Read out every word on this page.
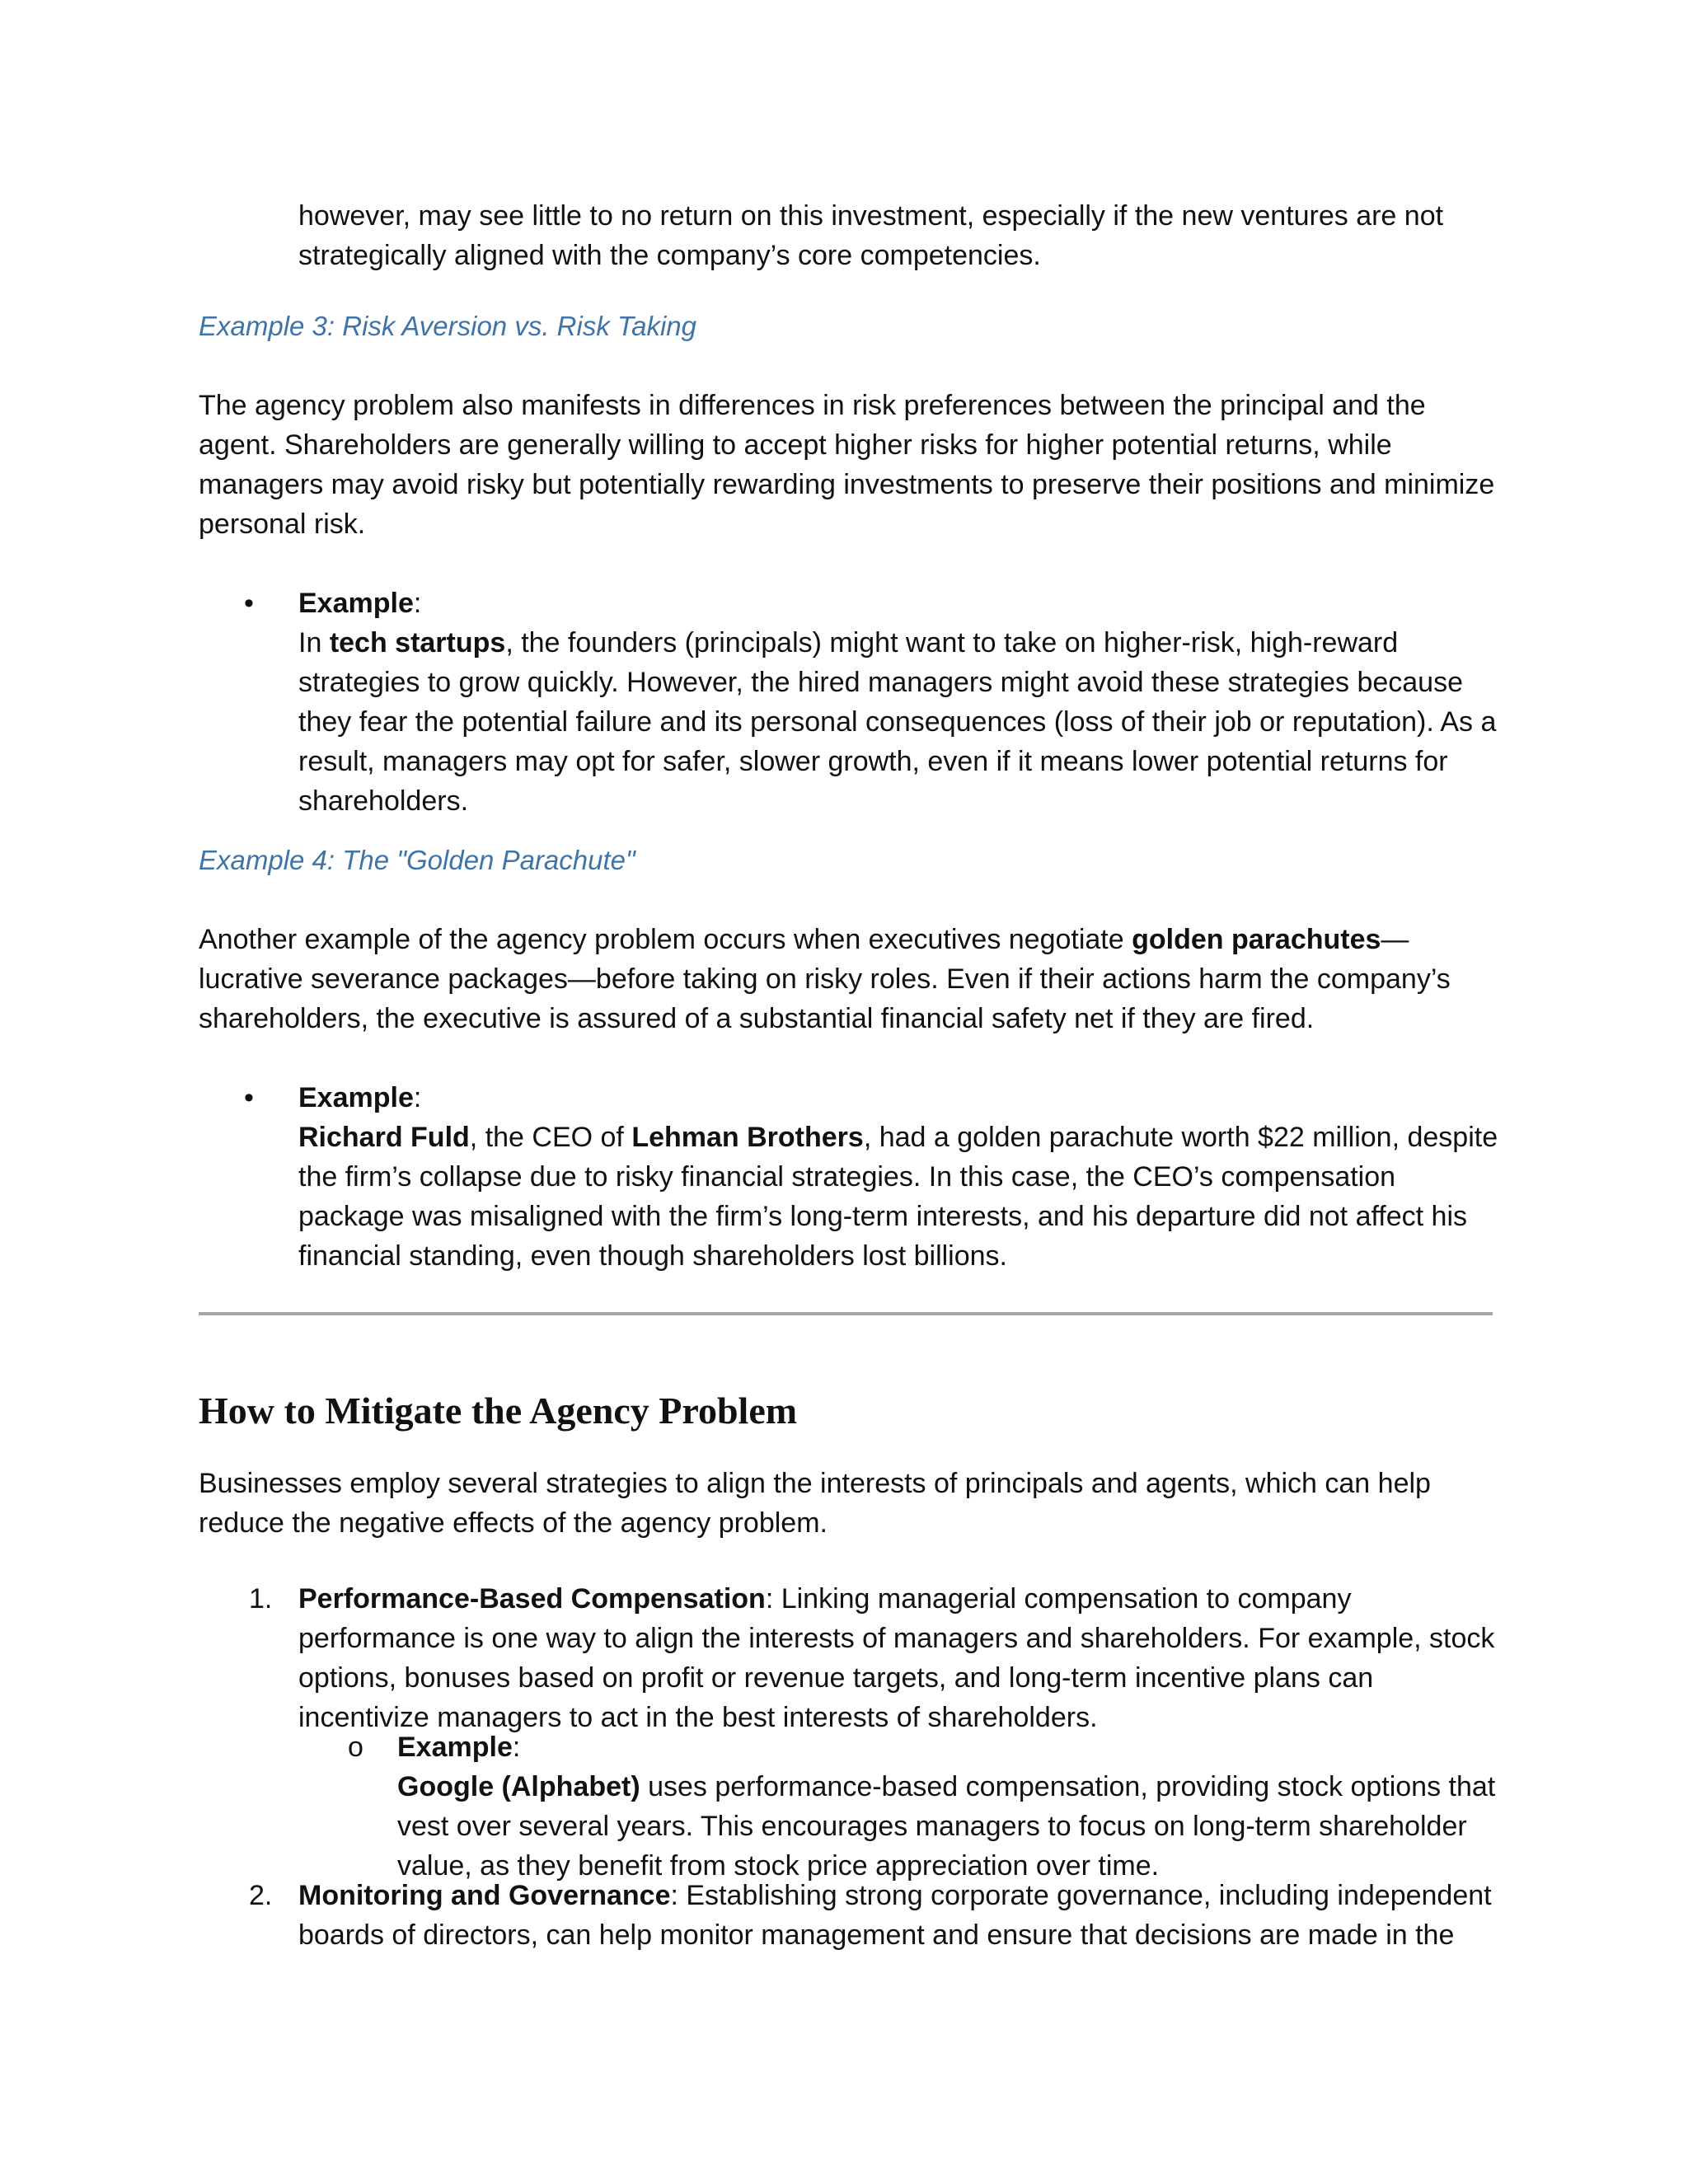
however, may see little to no return on this investment, especially if the new ventures are not strategically aligned with the company’s core competencies.

Example 3: Risk Aversion vs. Risk Taking

The agency problem also manifests in differences in risk preferences between the principal and the agent. Shareholders are generally willing to accept higher risks for higher potential returns, while managers may avoid risky but potentially rewarding investments to preserve their positions and minimize personal risk.

• Example:
In tech startups, the founders (principals) might want to take on higher-risk, high-reward strategies to grow quickly. However, the hired managers might avoid these strategies because they fear the potential failure and its personal consequences (loss of their job or reputation). As a result, managers may opt for safer, slower growth, even if it means lower potential returns for shareholders.

Example 4: The "Golden Parachute"

Another example of the agency problem occurs when executives negotiate golden parachutes—lucrative severance packages—before taking on risky roles. Even if their actions harm the company’s shareholders, the executive is assured of a substantial financial safety net if they are fired.

• Example:
Richard Fuld, the CEO of Lehman Brothers, had a golden parachute worth $22 million, despite the firm’s collapse due to risky financial strategies. In this case, the CEO’s compensation package was misaligned with the firm’s long-term interests, and his departure did not affect his financial standing, even though shareholders lost billions.
How to Mitigate the Agency Problem

Businesses employ several strategies to align the interests of principals and agents, which can help reduce the negative effects of the agency problem.

1. Performance-Based Compensation: Linking managerial compensation to company performance is one way to align the interests of managers and shareholders. For example, stock options, bonuses based on profit or revenue targets, and long-term incentive plans can incentivize managers to act in the best interests of shareholders.

o Example:
Google (Alphabet) uses performance-based compensation, providing stock options that vest over several years. This encourages managers to focus on long-term shareholder value, as they benefit from stock price appreciation over time.
2. Monitoring and Governance: Establishing strong corporate governance, including independent boards of directors, can help monitor management and ensure that decisions are made in the
